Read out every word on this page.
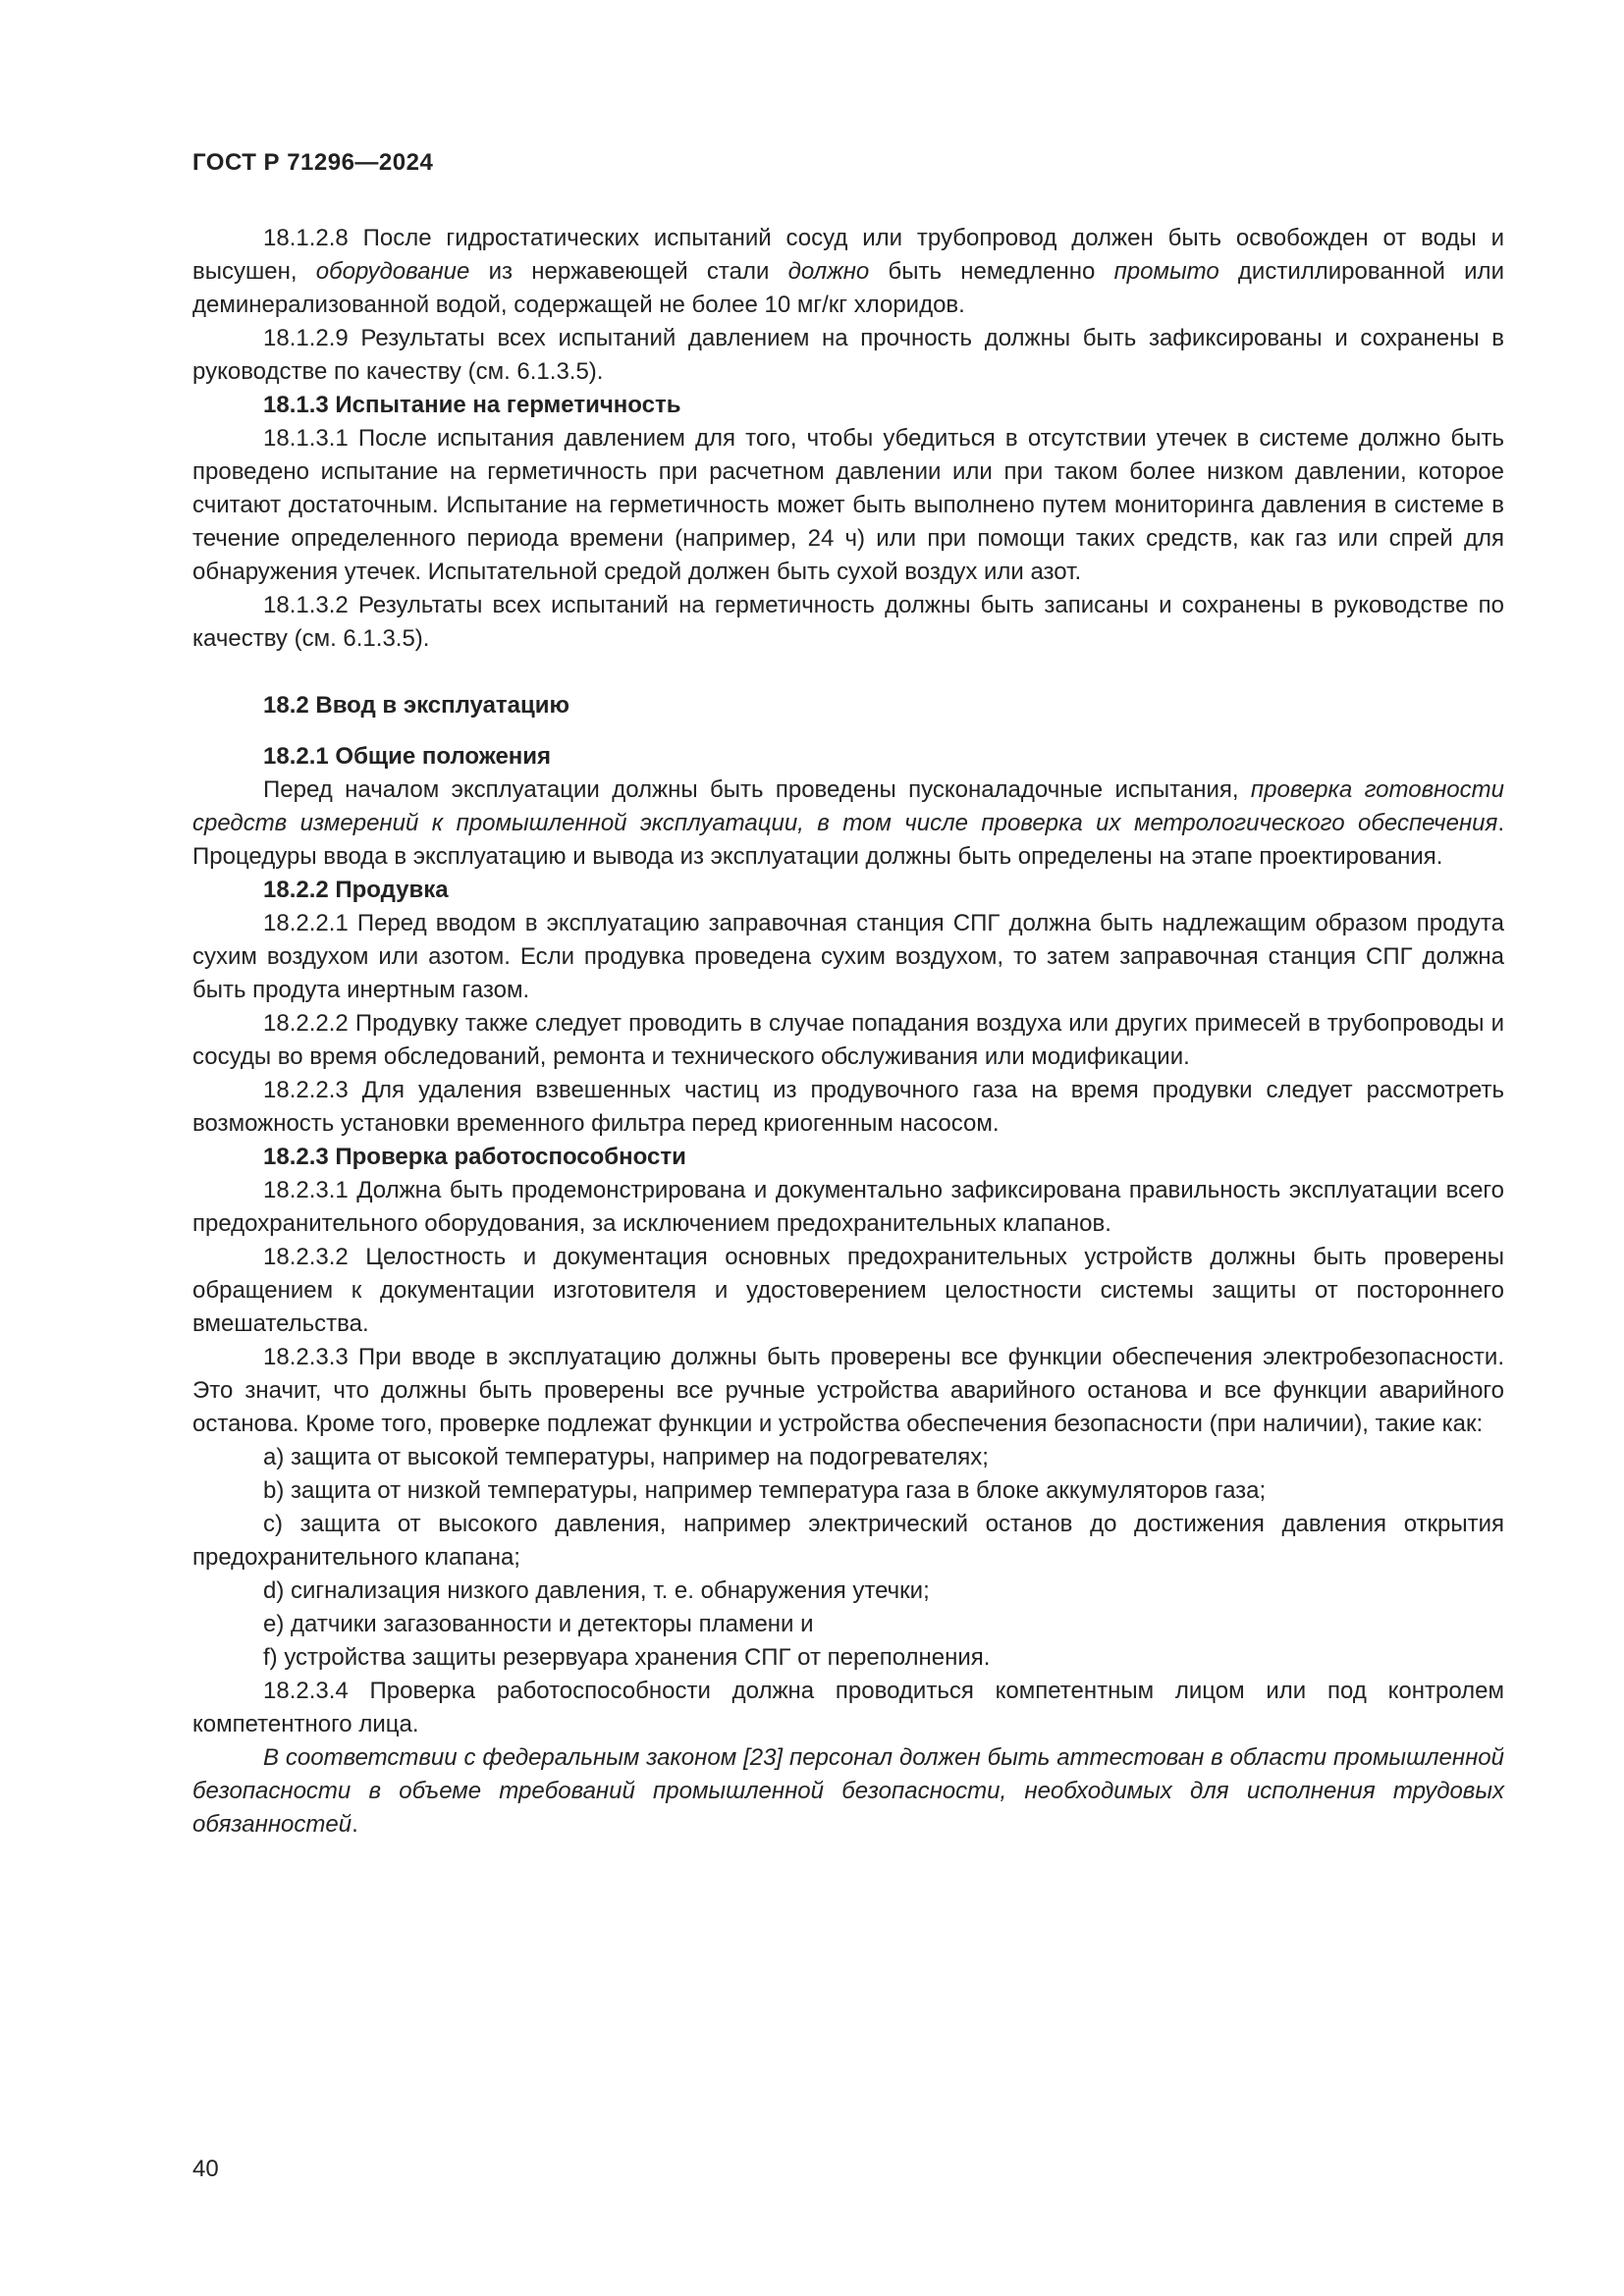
ГОСТ Р 71296—2024

18.1.2.8 После гидростатических испытаний сосуд или трубопровод должен быть освобожден от воды и высушен, оборудование из нержавеющей стали должно быть немедленно промыто дистиллированной или деминерализованной водой, содержащей не более 10 мг/кг хлоридов.

18.1.2.9 Результаты всех испытаний давлением на прочность должны быть зафиксированы и сохранены в руководстве по качеству (см. 6.1.3.5).

18.1.3 Испытание на герметичность

18.1.3.1 После испытания давлением для того, чтобы убедиться в отсутствии утечек в системе должно быть проведено испытание на герметичность при расчетном давлении или при таком более низком давлении, которое считают достаточным. Испытание на герметичность может быть выполнено путем мониторинга давления в системе в течение определенного периода времени (например, 24 ч) или при помощи таких средств, как газ или спрей для обнаружения утечек. Испытательной средой должен быть сухой воздух или азот.

18.1.3.2 Результаты всех испытаний на герметичность должны быть записаны и сохранены в руководстве по качеству (см. 6.1.3.5).

18.2 Ввод в эксплуатацию

18.2.1 Общие положения

Перед началом эксплуатации должны быть проведены пусконаладочные испытания, проверка готовности средств измерений к промышленной эксплуатации, в том числе проверка их метрологического обеспечения. Процедуры ввода в эксплуатацию и вывода из эксплуатации должны быть определены на этапе проектирования.

18.2.2 Продувка

18.2.2.1 Перед вводом в эксплуатацию заправочная станция СПГ должна быть надлежащим образом продута сухим воздухом или азотом. Если продувка проведена сухим воздухом, то затем заправочная станция СПГ должна быть продута инертным газом.

18.2.2.2 Продувку также следует проводить в случае попадания воздуха или других примесей в трубопроводы и сосуды во время обследований, ремонта и технического обслуживания или модификации.

18.2.2.3 Для удаления взвешенных частиц из продувочного газа на время продувки следует рассмотреть возможность установки временного фильтра перед криогенным насосом.

18.2.3 Проверка работоспособности

18.2.3.1 Должна быть продемонстрирована и документально зафиксирована правильность эксплуатации всего предохранительного оборудования, за исключением предохранительных клапанов.

18.2.3.2 Целостность и документация основных предохранительных устройств должны быть проверены обращением к документации изготовителя и удостоверением целостности системы защиты от постороннего вмешательства.

18.2.3.3 При вводе в эксплуатацию должны быть проверены все функции обеспечения электробезопасности. Это значит, что должны быть проверены все ручные устройства аварийного останова и все функции аварийного останова. Кроме того, проверке подлежат функции и устройства обеспечения безопасности (при наличии), такие как:

a) защита от высокой температуры, например на подогревателях;

b) защита от низкой температуры, например температура газа в блоке аккумуляторов газа;

c) защита от высокого давления, например электрический останов до достижения давления открытия предохранительного клапана;

d) сигнализация низкого давления, т. е. обнаружения утечки;

e) датчики загазованности и детекторы пламени и

f) устройства защиты резервуара хранения СПГ от переполнения.

18.2.3.4 Проверка работоспособности должна проводиться компетентным лицом или под контролем компетентного лица.

В соответствии с федеральным законом [23] персонал должен быть аттестован в области промышленной безопасности в объеме требований промышленной безопасности, необходимых для исполнения трудовых обязанностей.

40
